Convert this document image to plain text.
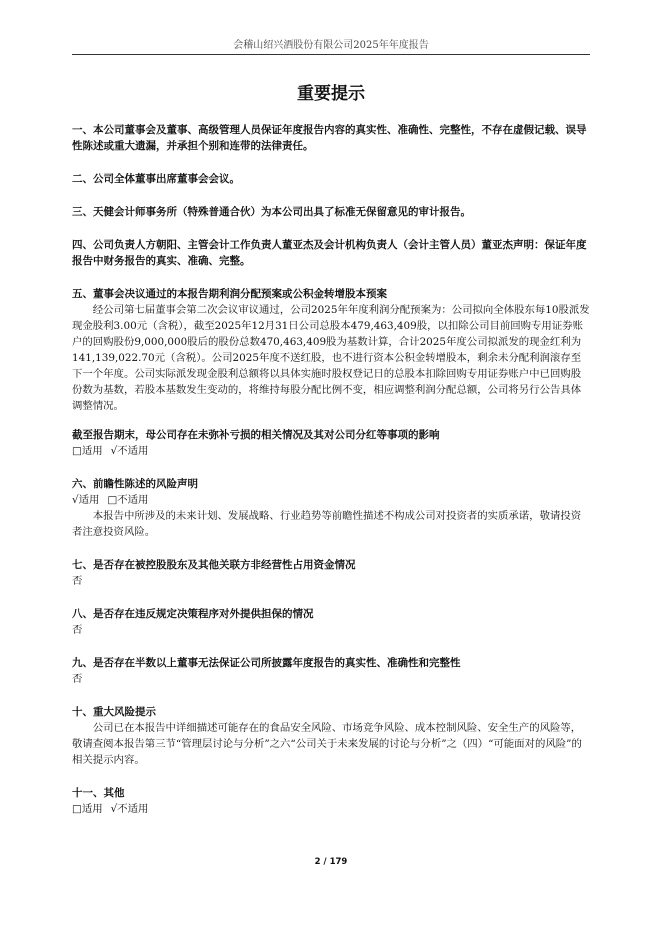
会稽山绍兴酒股份有限公司2025年年度报告
重要提示

一、本公司董事会及董事、高级管理人员保证年度报告内容的真实性、准确性、完整性，不存在虚假记载、误导性陈述或重大遗漏，并承担个别和连带的法律责任。

二、公司全体董事出席董事会会议。

三、天健会计师事务所（特殊普通合伙）为本公司出具了标准无保留意见的审计报告。

四、公司负责人方朝阳、主管会计工作负责人董亚杰及会计机构负责人（会计主管人员）董亚杰声明：保证年度报告中财务报告的真实、准确、完整。

五、董事会决议通过的本报告期利润分配预案或公积金转增股本预案

经公司第七届董事会第二次会议审议通过，公司2025年年度利润分配预案为：公司拟向全体股东每10股派发现金股利3.00元（含税），截至2025年12月31日公司总股本479,463,409股，以扣除公司目前回购专用证券账户的回购股份9,000,000股后的股份总数470,463,409股为基数计算，合计2025年度公司拟派发的现金红利为141,139,022.70元（含税）。公司2025年度不送红股，也不进行资本公积金转增股本，剩余未分配利润滚存至下一个年度。公司实际派发现金股利总额将以具体实施时股权登记日的总股本扣除回购专用证券账户中已回购股份数为基数，若股本基数发生变动的，将维持每股分配比例不变，相应调整利润分配总额，公司将另行公告具体调整情况。

截至报告期末，母公司存在未弥补亏损的相关情况及其对公司分红等事项的影响

□适用 √不适用

六、前瞻性陈述的风险声明

√适用 □不适用

本报告中所涉及的未来计划、发展战略、行业趋势等前瞻性描述不构成公司对投资者的实质承诺，敬请投资者注意投资风险。

七、是否存在被控股股东及其他关联方非经营性占用资金情况

否

八、是否存在违反规定决策程序对外提供担保的情况

否

九、是否存在半数以上董事无法保证公司所披露年度报告的真实性、准确性和完整性

否

十、重大风险提示

公司已在本报告中详细描述可能存在的食品安全风险、市场竞争风险、成本控制风险、安全生产的风险等，敬请查阅本报告第三节“管理层讨论与分析”之六“公司关于未来发展的讨论与分析”之（四）“可能面对的风险”的相关提示内容。

十一、其他

□适用 √不适用

2 / 179
